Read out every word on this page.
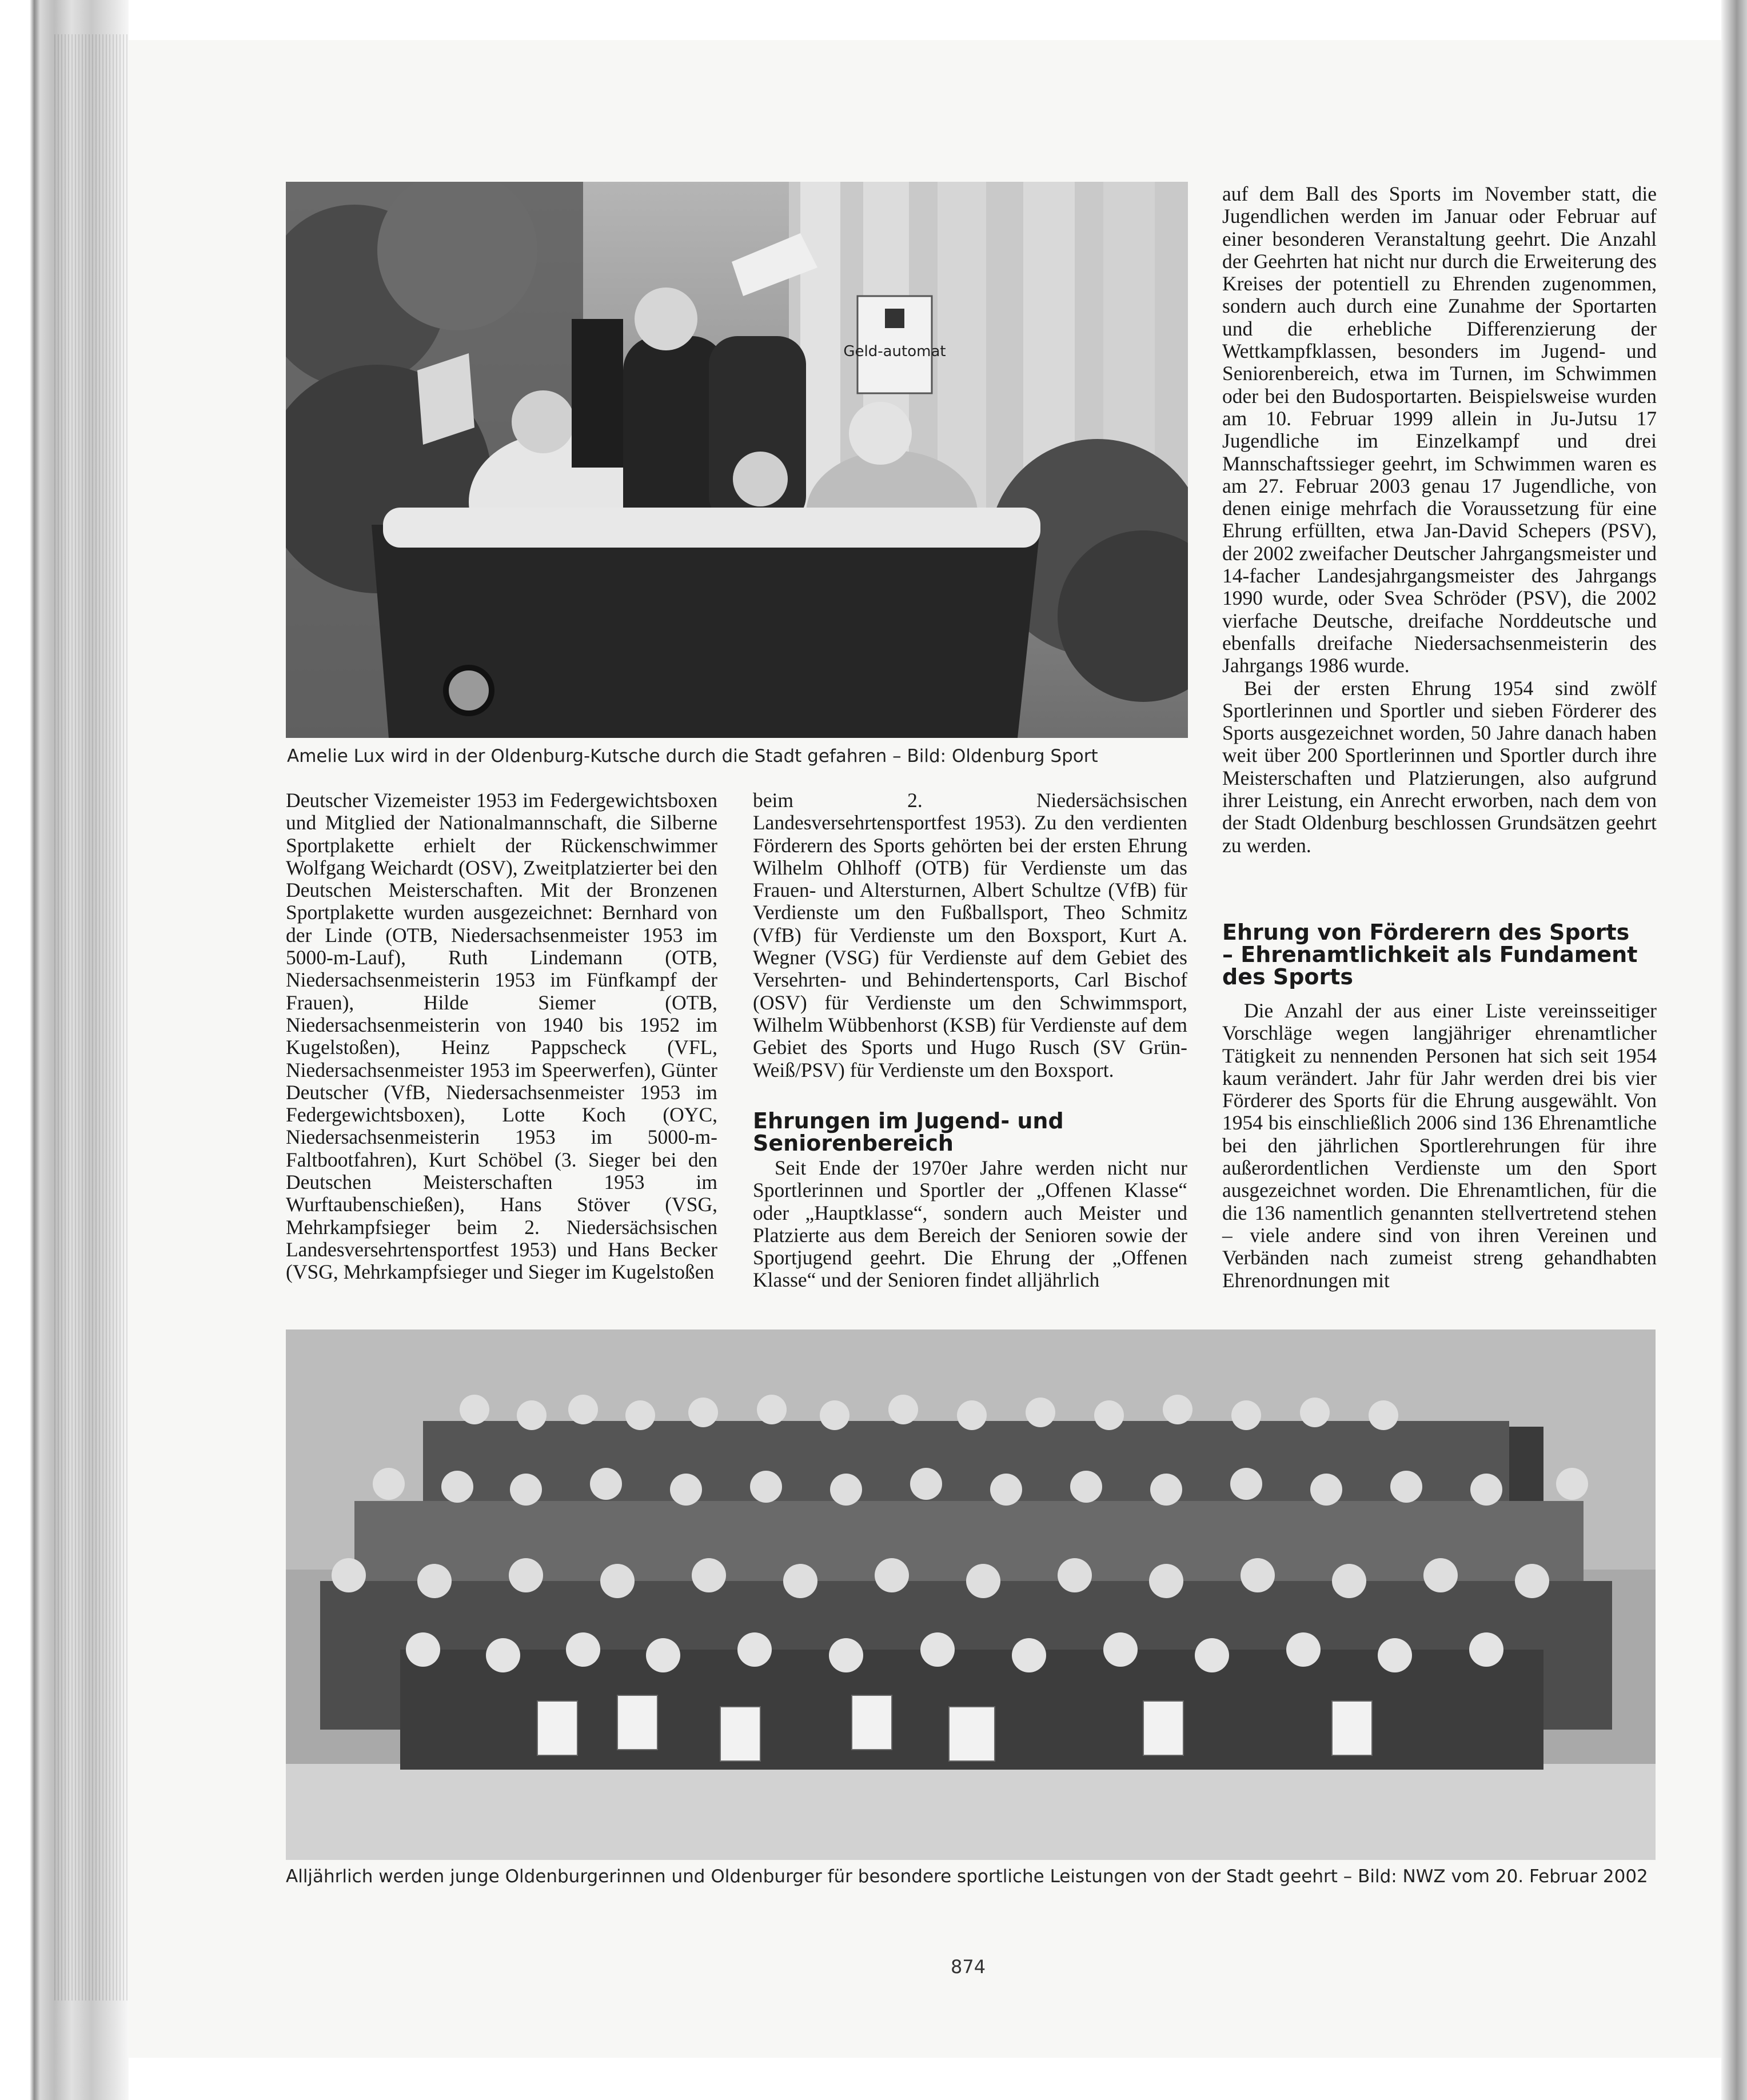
Geld-automat
Amelie Lux wird in der Oldenburg-Kutsche durch die Stadt gefahren – Bild: Oldenburg Sport

Deutscher Vizemeister 1953 im Federgewichtsboxen und Mitglied der Nationalmannschaft, die Silberne Sportplakette erhielt der Rückenschwimmer Wolfgang Weichardt (OSV), Zweitplatzierter bei den Deutschen Meisterschaften. Mit der Bronzenen Sportplakette wurden ausgezeichnet: Bernhard von der Linde (OTB, Niedersachsenmeister 1953 im 5000-m-Lauf), Ruth Lindemann (OTB, Niedersachsenmeisterin 1953 im Fünfkampf der Frauen), Hilde Siemer (OTB, Niedersachsenmeisterin von 1940 bis 1952 im Kugelstoßen), Heinz Pappscheck (VFL, Niedersachsenmeister 1953 im Speerwerfen), Günter Deutscher (VfB, Niedersachsenmeister 1953 im Federgewichtsboxen), Lotte Koch (OYC, Niedersachsenmeisterin 1953 im 5000-m-Faltbootfahren), Kurt Schöbel (3. Sieger bei den Deutschen Meisterschaften 1953 im Wurftaubenschießen), Hans Stöver (VSG, Mehrkampfsieger beim 2. Niedersächsischen Landesversehrtensportfest 1953) und Hans Becker (VSG, Mehrkampfsieger und Sieger im Kugelstoßen

beim 2. Niedersächsischen Landesversehrtensportfest 1953). Zu den verdienten Förderern des Sports gehörten bei der ersten Ehrung Wilhelm Ohlhoff (OTB) für Verdienste um das Frauen- und Altersturnen, Albert Schultze (VfB) für Verdienste um den Fußballsport, Theo Schmitz (VfB) für Verdienste um den Boxsport, Kurt A. Wegner (VSG) für Verdienste auf dem Gebiet des Versehrten- und Behindertensports, Carl Bischof (OSV) für Verdienste um den Schwimmsport, Wilhelm Wübbenhorst (KSB) für Verdienste auf dem Gebiet des Sports und Hugo Rusch (SV Grün-Weiß/PSV) für Verdienste um den Boxsport.

Ehrungen im Jugend- und Seniorenbereich

Seit Ende der 1970er Jahre werden nicht nur Sportlerinnen und Sportler der „Offenen Klasse“ oder „Hauptklasse“, sondern auch Meister und Platzierte aus dem Bereich der Senioren sowie der Sportjugend geehrt. Die Ehrung der „Offenen Klasse“ und der Senioren findet alljährlich

auf dem Ball des Sports im November statt, die Jugendlichen werden im Januar oder Februar auf einer besonderen Veranstaltung geehrt. Die Anzahl der Geehrten hat nicht nur durch die Erweiterung des Kreises der potentiell zu Ehrenden zugenommen, sondern auch durch eine Zunahme der Sportarten und die erhebliche Differenzierung der Wettkampfklassen, besonders im Jugend- und Seniorenbereich, etwa im Turnen, im Schwimmen oder bei den Budosportarten. Beispielsweise wurden am 10. Februar 1999 allein in Ju-Jutsu 17 Jugendliche im Einzelkampf und drei Mannschaftssieger geehrt, im Schwimmen waren es am 27. Februar 2003 genau 17 Jugendliche, von denen einige mehrfach die Voraussetzung für eine Ehrung erfüllten, etwa Jan-David Schepers (PSV), der 2002 zweifacher Deutscher Jahrgangsmeister und 14-facher Landesjahrgangsmeister des Jahrgangs 1990 wurde, oder Svea Schröder (PSV), die 2002 vierfache Deutsche, dreifache Norddeutsche und ebenfalls dreifache Niedersachsenmeisterin des Jahrgangs 1986 wurde.

Bei der ersten Ehrung 1954 sind zwölf Sportlerinnen und Sportler und sieben Förderer des Sports ausgezeichnet worden, 50 Jahre danach haben weit über 200 Sportlerinnen und Sportler durch ihre Meisterschaften und Platzierungen, also aufgrund ihrer Leistung, ein Anrecht erworben, nach dem von der Stadt Oldenburg beschlossen Grundsätzen geehrt zu werden.

Ehrung von Förderern des Sports – Ehrenamtlichkeit als Fundament des Sports

Die Anzahl der aus einer Liste vereinsseitiger Vorschläge wegen langjähriger ehrenamtlicher Tätigkeit zu nennenden Personen hat sich seit 1954 kaum verändert. Jahr für Jahr werden drei bis vier Förderer des Sports für die Ehrung ausgewählt. Von 1954 bis einschließlich 2006 sind 136 Ehrenamtliche bei den jährlichen Sportlerehrungen für ihre außerordentlichen Verdienste um den Sport ausgezeichnet worden. Die Ehrenamtlichen, für die die 136 namentlich genannten stellvertretend stehen – viele andere sind von ihren Vereinen und Verbänden nach zumeist streng gehandhabten Ehrenordnungen mit

Alljährlich werden junge Oldenburgerinnen und Oldenburger für besondere sportliche Leistungen von der Stadt geehrt – Bild: NWZ vom 20. Februar 2002
874
